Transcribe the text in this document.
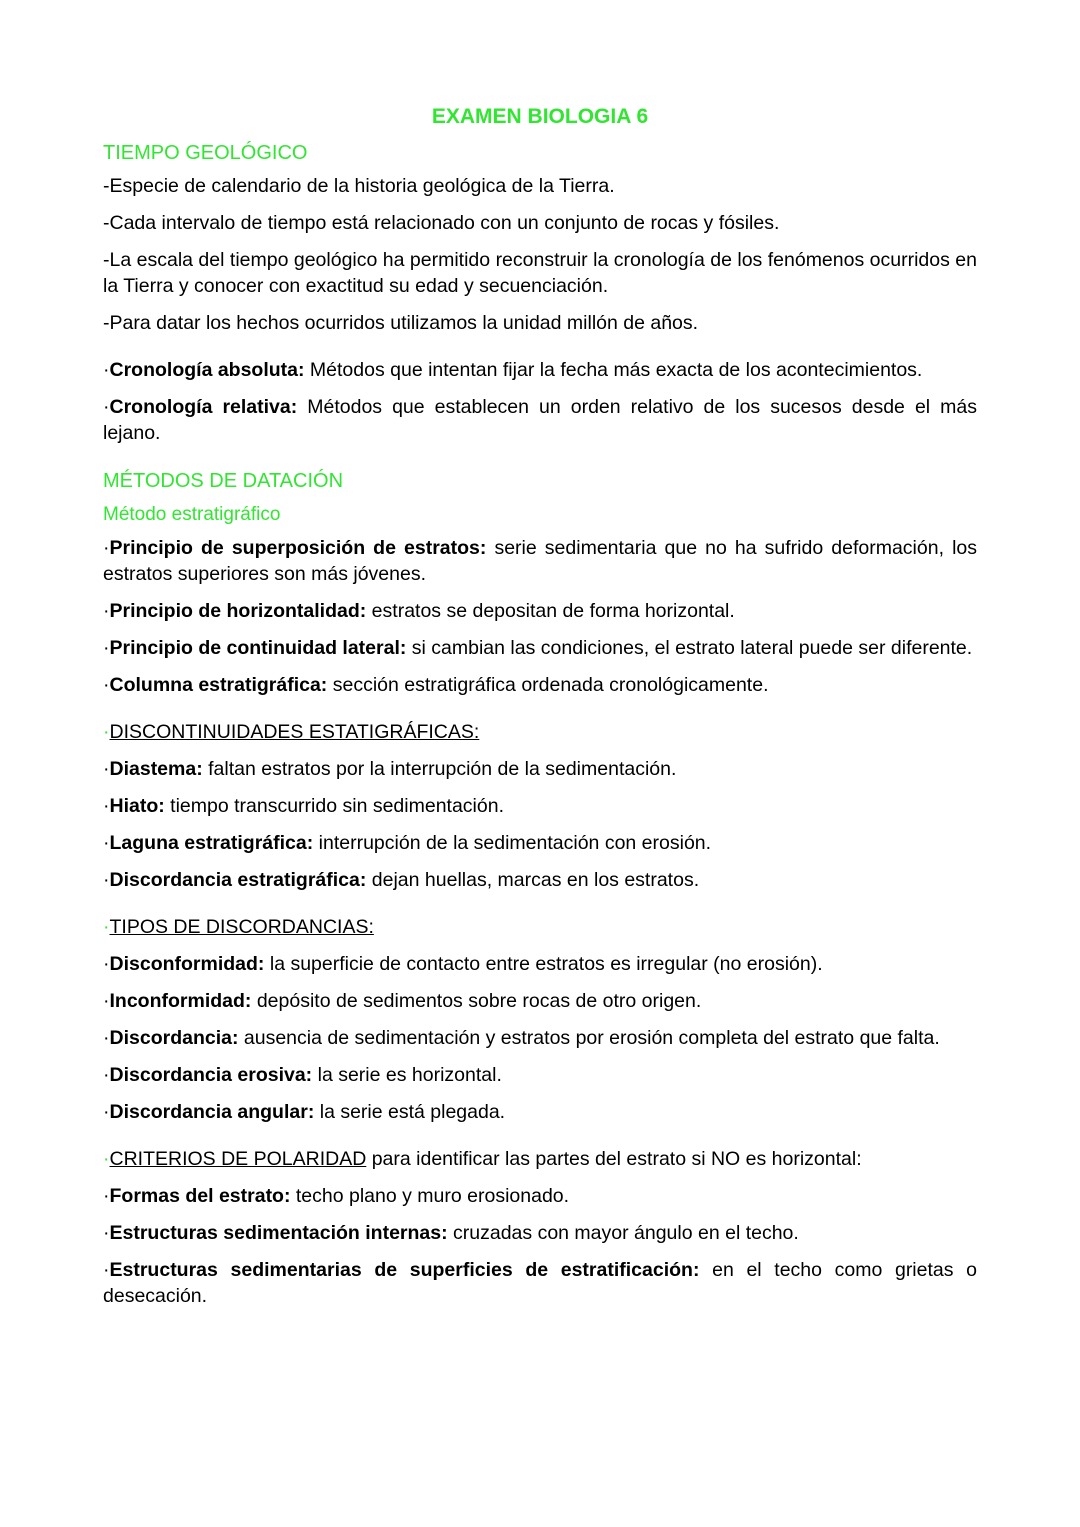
EXAMEN BIOLOGIA 6
TIEMPO GEOLÓGICO

-Especie de calendario de la historia geológica de la Tierra.

-Cada intervalo de tiempo está relacionado con un conjunto de rocas y fósiles.

-La escala del tiempo geológico ha permitido reconstruir la cronología de los fenómenos ocurridos en la Tierra y conocer con exactitud su edad y secuenciación.

-Para datar los hechos ocurridos utilizamos la unidad millón de años.

·Cronología absoluta: Métodos que intentan fijar la fecha más exacta de los acontecimientos.

·Cronología relativa: Métodos que establecen un orden relativo de los sucesos desde el más lejano.

MÉTODOS DE DATACIÓN
Método estratigráfico

·Principio de superposición de estratos: serie sedimentaria que no ha sufrido deformación, los estratos superiores son más jóvenes.

·Principio de horizontalidad: estratos se depositan de forma horizontal.

·Principio de continuidad lateral: si cambian las condiciones, el estrato lateral puede ser diferente.

·Columna estratigráfica: sección estratigráfica ordenada cronológicamente.

·DISCONTINUIDADES ESTATIGRÁFICAS:

·Diastema: faltan estratos por la interrupción de la sedimentación.

·Hiato: tiempo transcurrido sin sedimentación.

·Laguna estratigráfica: interrupción de la sedimentación con erosión.

·Discordancia estratigráfica: dejan huellas, marcas en los estratos.

·TIPOS DE DISCORDANCIAS:

·Disconformidad: la superficie de contacto entre estratos es irregular (no erosión).

·Inconformidad: depósito de sedimentos sobre rocas de otro origen.

·Discordancia: ausencia de sedimentación y estratos por erosión completa del estrato que falta.

·Discordancia erosiva: la serie es horizontal.

·Discordancia angular: la serie está plegada.

·CRITERIOS DE POLARIDAD para identificar las partes del estrato si NO es horizontal:

·Formas del estrato: techo plano y muro erosionado.

·Estructuras sedimentación internas: cruzadas con mayor ángulo en el techo.

·Estructuras sedimentarias de superficies de estratificación: en el techo como grietas o desecación.
